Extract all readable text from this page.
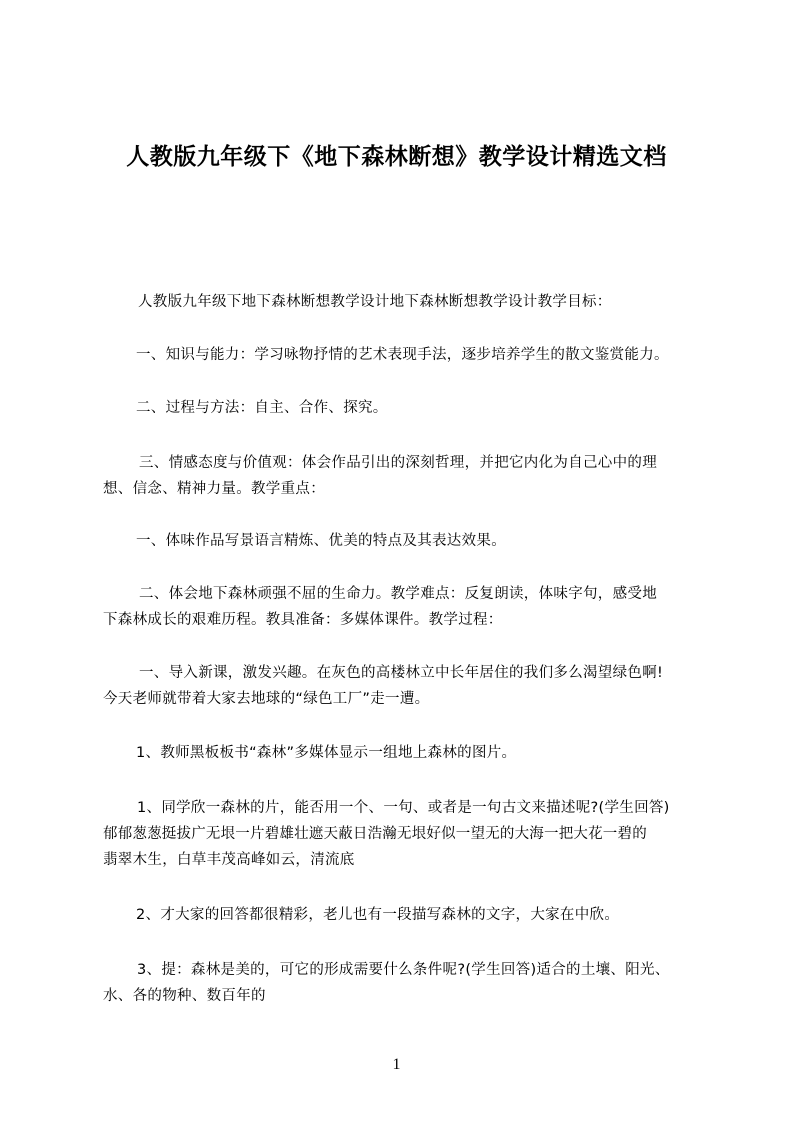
人教版九年级下《地下森林断想》教学设计精选文档
人教版九年级下地下森林断想教学设计地下森林断想教学设计教学目标：
一、知识与能力：学习咏物抒情的艺术表现手法，逐步培养学生的散文鉴赏能力。
二、过程与方法：自主、合作、探究。
三、情感态度与价值观：体会作品引出的深刻哲理，并把它内化为自己心中的理
想、信念、精神力量。教学重点：
一、体味作品写景语言精炼、优美的特点及其表达效果。
二、体会地下森林顽强不屈的生命力。教学难点：反复朗读，体味字句，感受地
下森林成长的艰难历程。教具准备：多媒体课件。教学过程：
一、导入新课，激发兴趣。在灰色的高楼林立中长年居住的我们多么渴望绿色啊!
今天老师就带着大家去地球的“绿色工厂”走一遭。
1、教师黑板板书“森林”多媒体显示一组地上森林的图片。
1、同学欣一森林的片，能否用一个、一句、或者是一句古文来描述呢?(学生回答)
郁郁葱葱挺拔广无垠一片碧雄壮遮天蔽日浩瀚无垠好似一望无的大海一把大花一碧的
翡翠木生，白草丰茂高峰如云，清流底
2、才大家的回答都很精彩，老儿也有一段描写森林的文字，大家在中欣。
3、提：森林是美的，可它的形成需要什么条件呢?(学生回答)适合的土壤、阳光、
水、各的物种、数百年的
1
